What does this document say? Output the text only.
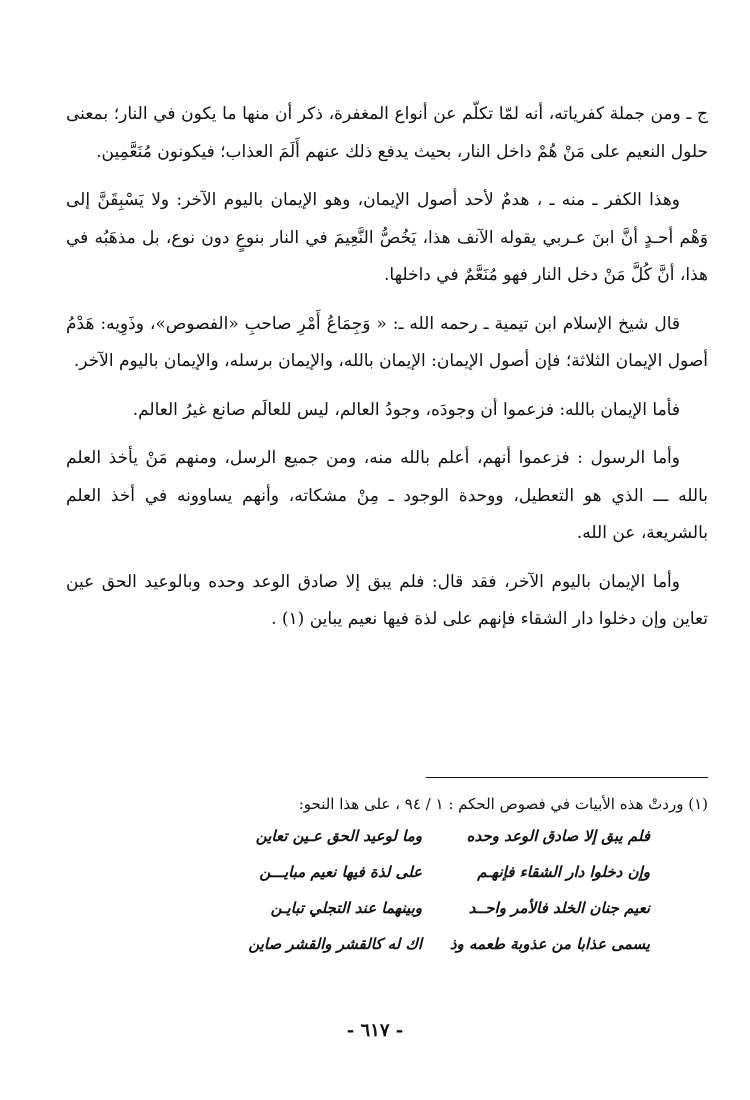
ج ـ ومن جملة كفرياته، أنه لمّا تكلّم عن أنواع المغفرة، ذكر أن منها ما يكون في النار؛ بمعنى حلول النعيم على مَنْ هُمْ داخل النار، بحيث يدفع ذلك عنهم أَلَمَ العذاب؛ فيكونون مُنَعَّمِين.

وهذا الكفر ـ منه ـ ، هدمٌ لأحد أصول الإيمان، وهو الإيمان باليوم الآخر: ولا يَسْبِقَنَّ إلى وَهْم أحـدٍ أنَّ ابنَ عـربي يقوله الآنف هذا، يَخُصُّ النَّعِيمَ في النار بنوعٍ دون نوع، بل مذهَبُه في هذا، أنَّ كُلَّ مَنْ دخل النار فهو مُنَعَّمٌ في داخلها.

قال شيخ الإسلام ابن تيمية ـ رحمه الله ـ: « وَجِمَاعُ أَمْرِ صاحبِ «الفصوص»، وذَوِيه: هَدْمُ أصول الإيمان الثلاثة؛ فإن أصول الإيمان: الإيمان بالله، والإيمان برسله، والإيمان باليوم الآخر.

فأما الإيمان بالله: فزعموا أن وجودَه، وجودُ العالم، ليس للعالَم صانع غيرُ العالم.

وأما الرسول : فزعموا أنهم، أعلم بالله منه، ومن جميع الرسل، ومنهم مَنْ يأخذ العلم بالله ـــ الذي هو التعطيل، ووحدة الوجود ـ مِنْ مشكاته، وأنهم يساوونه في أخذ العلم بالشريعة، عن الله.

وأما الإيمان باليوم الآخر، فقد قال: فلم يبق إلا صادق الوعد وحده وبالوعيد الحق عين تعاين وإن دخلوا دار الشقاء فإنهم على لذة فيها نعيم يباين (١) .

(١) وردتْ هذه الأبيات في فصوص الحكم : ١ / ٩٤ ، على هذا النحو:

فلم يبق إلا صادق الوعد وحده
وما لوعيد الحق عـين تعاين
وإن دخلوا دار الشقاء فإنهـم
على لذة فيها نعيم مبايـــن
نعيم جنان الخلد فالأمر واحــد
وبينهما عند التجلي تبايـن
يسمى عذابا من عذوبة طعمه وذ
اك له كالقشر والقشر صاين
- ٦١٧ -
